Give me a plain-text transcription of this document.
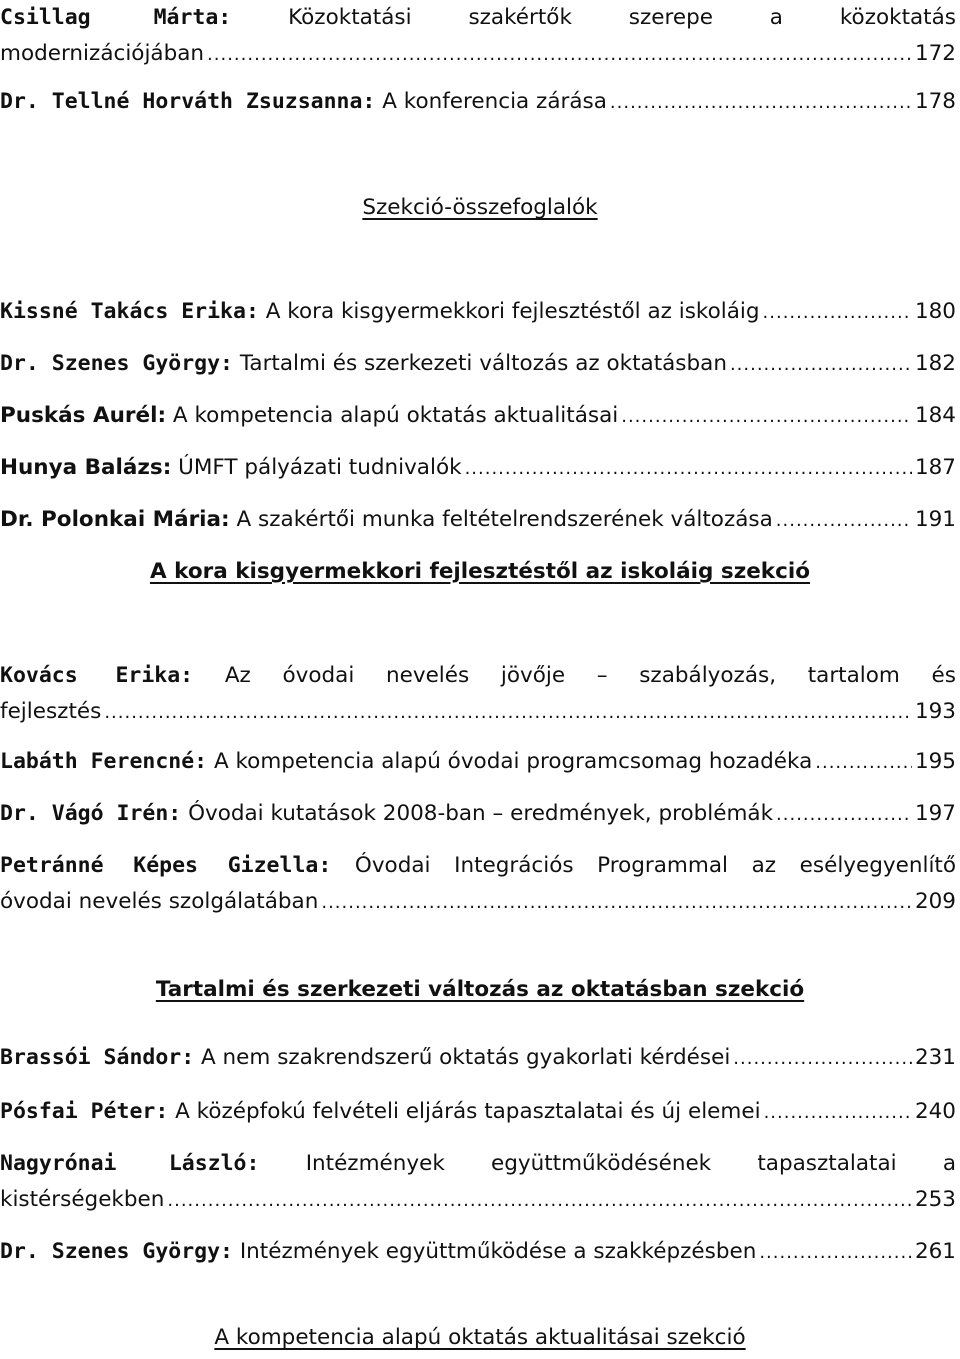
Csillag Márta:	Közoktatási szakértők szerepe a közoktatás
modernizációjában .....	172
Dr. Tellné Horváth Zsuzsanna: A konferencia zárása .....	178
Szekció-összefoglalók
Kissné Takács Erika: A kora kisgyermekkori fejlesztéstől az iskoláig .....	180
Dr. Szenes György: Tartalmi és szerkezeti változás az oktatásban .....	182
Puskás Aurél: A kompetencia alapú oktatás aktualitásai .....	184
Hunya Balázs: ÚMFT pályázati tudnivalók .....	187
Dr. Polonkai Mária: A szakértői munka feltételrendszerének változása .....	191
A kora kisgyermekkori fejlesztéstől az iskoláig szekció
Kovács Erika: Az óvodai nevelés jövője – szabályozás, tartalom és
fejlesztés .....	193
Labáth Ferencné: A kompetencia alapú óvodai programcsomag hozadéka .....	195
Dr. Vágó Irén: Óvodai kutatások 2008-ban – eredmények, problémák .....	197
Petránné Képes Gizella: Óvodai Integrációs Programmal az esélyegyenlítő
óvodai nevelés szolgálatában .....	209
Tartalmi és szerkezeti változás az oktatásban szekció
Brassói Sándor: A nem szakrendszerű oktatás gyakorlati kérdései .....	231
Pósfai Péter: A középfokú felvételi eljárás tapasztalatai és új elemei .....	240
Nagyrónai László: Intézmények együttműködésének tapasztalatai a
kistérségekben .....	253
Dr. Szenes György: Intézmények együttműködése a szakképzésben .....	261
A kompetencia alapú oktatás aktualitásai szekció
